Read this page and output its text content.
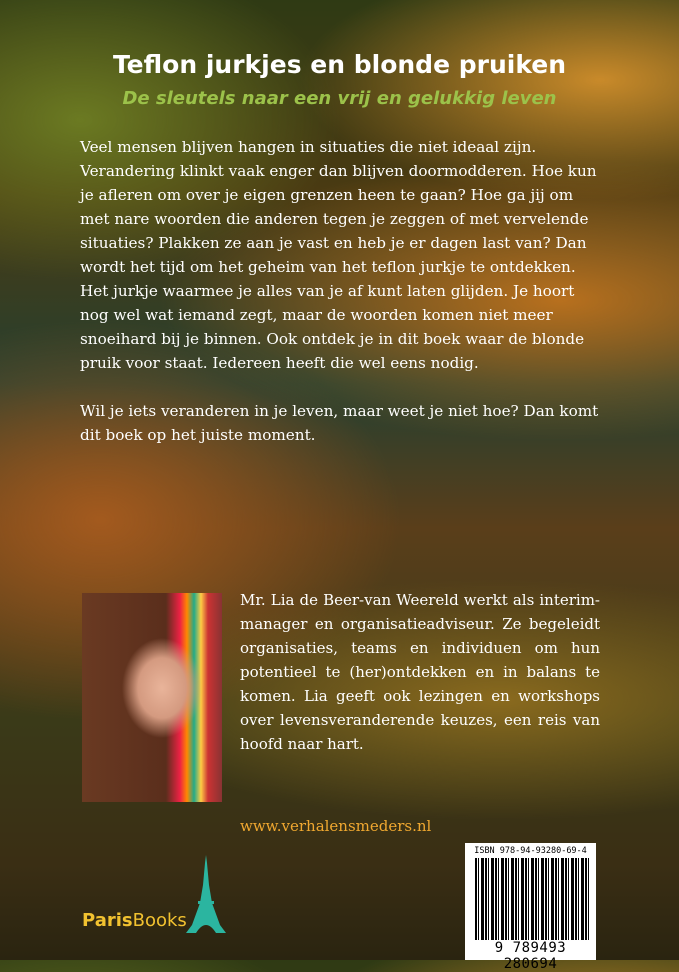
Teflon jurkjes en blonde pruiken
De sleutels naar een vrij en gelukkig leven

Veel mensen blijven hangen in situaties die niet ideaal zijn. Verandering klinkt vaak enger dan blijven doormodderen. Hoe kun je afleren om over je eigen grenzen heen te gaan? Hoe ga jij om met nare woorden die anderen tegen je zeggen of met vervelende situaties? Plakken ze aan je vast en heb je er dagen last van? Dan wordt het tijd om het geheim van het teflon jurkje te ontdekken. Het jurkje waarmee je alles van je af kunt laten glijden. Je hoort nog wel wat iemand zegt, maar de woorden komen niet meer snoeihard bij je binnen. Ook ontdek je in dit boek waar de blonde pruik voor staat. Iedereen heeft die wel eens nodig.

Wil je iets veranderen in je leven, maar weet je niet hoe? Dan komt dit boek op het juiste moment.

Mr. Lia de Beer-van Weereld werkt als interim-manager en organisatieadviseur. Ze begeleidt organisaties, teams en individuen om hun potentieel te (her)ontdekken en in balans te komen. Lia geeft ook lezingen en workshops over levensveranderende keuzes, een reis van hoofd naar hart.
www.verhalensmeders.nl
ISBN 978-94-93280-69-4
9 789493 280694
ParisBooks
